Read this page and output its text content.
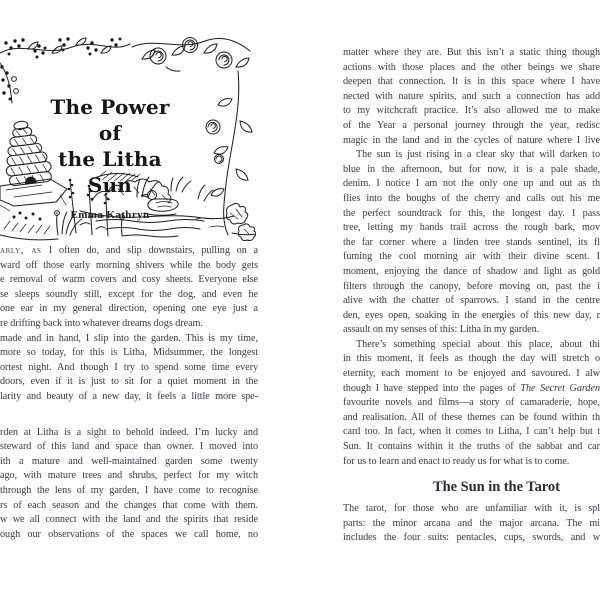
The Power of
the Litha Sun
Emma Kathryn
arly, as I often do, and slip downstairs, pulling on a
ward off those early morning shivers while the body gets
e removal of warm covers and cosy sheets. Everyone else
se sleeps soundly still, except for the dog, and even he
one ear in my general direction, opening one eye just a
re drifting back into whatever dreams dogs dream.
made and in hand, I slip into the garden. This is my time,
more so today, for this is Litha, Midsummer, the longest
ortest night. And though I try to spend some time every
doors, even if it is just to sit for a quiet moment in the
larity and beauty of a new day, it feels a little more spe-
rden at Litha is a sight to behold indeed. I’m lucky and
steward of this land and space than owner. I moved into
ith a mature and well-maintained garden some twenty
ago, with mature trees and shrubs, perfect for my witch
through the lens of my garden, I have come to recognise
rs of each season and the changes that come with them.
w we all connect with the land and the spirits that reside
ough our observations of the spaces we call home, no
matter where they are. But this isn’t a static thing though
actions with those places and the other beings we share
deepen that connection. It is in this space where I have
nected with nature spirits, and such a connection has add
to my witchcraft practice. It’s also allowed me to make
of the Year a personal journey through the year, redisc
magic in the land and in the cycles of nature where I live
The sun is just rising in a clear sky that will darken to
blue in the afternoon, but for now, it is a pale shade,
denim. I notice I am not the only one up and out as th
flies into the boughs of the cherry and calls out his me
the perfect soundtrack for this, the longest day. I pass
tree, letting my hands trail across the rough bark, mov
the far corner where a linden tree stands sentinel, its fl
fuming the cool morning air with their divine scent. I
moment, enjoying the dance of shadow and light as gold
filters through the canopy, before moving on, past the i
alive with the chatter of sparrows. I stand in the centre
den, eyes open, soaking in the energies of this new day, r
assault on my senses of this: Litha in my garden.
There’s something special about this place, about thi
in this moment, it feels as though the day will stretch o
eternity, each moment to be enjoyed and savoured. I alw
though I have stepped into the pages of The Secret Garden
favourite novels and films—a story of camaraderie, hope,
and realisation. All of these themes can be found within th
card too. In fact, when it comes to Litha, I can’t help but t
Sun. It contains within it the truths of the sabbat and car
for us to learn and enact to ready us for what is to come.
The Sun in the Tarot
The tarot, for those who are unfamiliar with it, is spl
parts: the minor arcana and the major arcana. The mi
includes the four suits: pentacles, cups, swords, and w
